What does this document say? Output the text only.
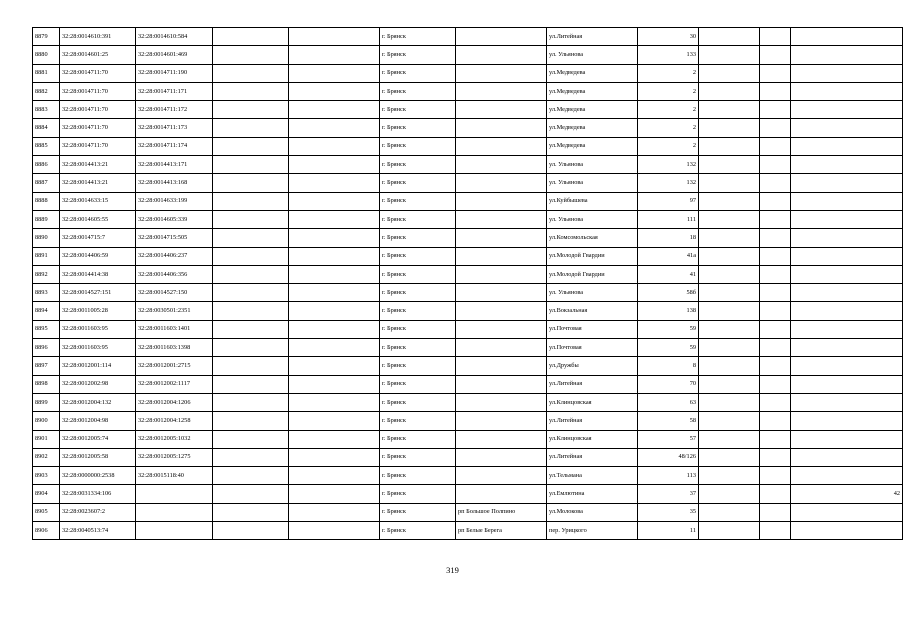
8879	32:28:0014610:391	32:28:0014610:584			г. Брянск		ул.Литейная	30			
8880	32:28:0014601:25	32:28:0014601:469			г. Брянск		ул. Ульянова	133			
8881	32:28:0014711:70	32:28:0014711:190			г. Брянск		ул.Медведева	2			
8882	32:28:0014711:70	32:28:0014711:171			г. Брянск		ул.Медведева	2			
8883	32:28:0014711:70	32:28:0014711:172			г. Брянск		ул.Медведева	2			
8884	32:28:0014711:70	32:28:0014711:173			г. Брянск		ул.Медведева	2			
8885	32:28:0014711:70	32:28:0014711:174			г. Брянск		ул.Медведева	2			
8886	32:28:0014413:21	32:28:0014413:171			г. Брянск		ул. Ульянова	132			
8887	32:28:0014413:21	32:28:0014413:168			г. Брянск		ул. Ульянова	132			
8888	32:28:0014633:15	32:28:0014633:199			г. Брянск		ул.Куйбышева	97			
8889	32:28:0014605:55	32:28:0014605:339			г. Брянск		ул. Ульянова	111			
8890	32:28:0014715:7	32:28:0014715:505			г. Брянск		ул.Комсомольская	18			
8891	32:28:0014406:59	32:28:0014406:237			г. Брянск		ул.Молодой Гвардии	41а			
8892	32:28:0014414:38	32:28:0014406:356			г. Брянск		ул.Молодой Гвардии	41			
8893	32:28:0014527:151	32:28:0014527:150			г. Брянск		ул. Ульянова	58б			
8894	32:28:0011005:28	32:28:0030501:2351			г. Брянск		ул.Вокзальная	138			
8895	32:28:0011603:95	32:28:0011603:1401			г. Брянск		ул.Почтовая	59			
8896	32:28:0011603:95	32:28:0011603:1398			г. Брянск		ул.Почтовая	59			
8897	32:28:0012001:114	32:28:0012001:2715			г. Брянск		ул.Дружбы	8			
8898	32:28:0012002:98	32:28:0012002:1117			г. Брянск		ул.Литейная	70			
8899	32:28:0012004:132	32:28:0012004:1206			г. Брянск		ул.Клинцовская	63			
8900	32:28:0012004:98	32:28:0012004:1258			г. Брянск		ул.Литейная	58			
8901	32:28:0012005:74	32:28:0012005:1032			г. Брянск		ул.Клинцовская	57			
8902	32:28:0012005:58	32:28:0012005:1275			г. Брянск		ул.Литейная	48/126			
8903	32:28:0000000:2538	32:28:0015118:40			г. Брянск		ул.Тельмана	113			
8904	32:28:0031334:106				г. Брянск		ул.Емлютина	37			42
8905	32:28:0023607:2				г. Брянск	рп Большое Полпино	ул.Молокова	35			
8906	32:28:0040513:74				г. Брянск	рп Белые Берега	пер. Урицкого	11			
319
